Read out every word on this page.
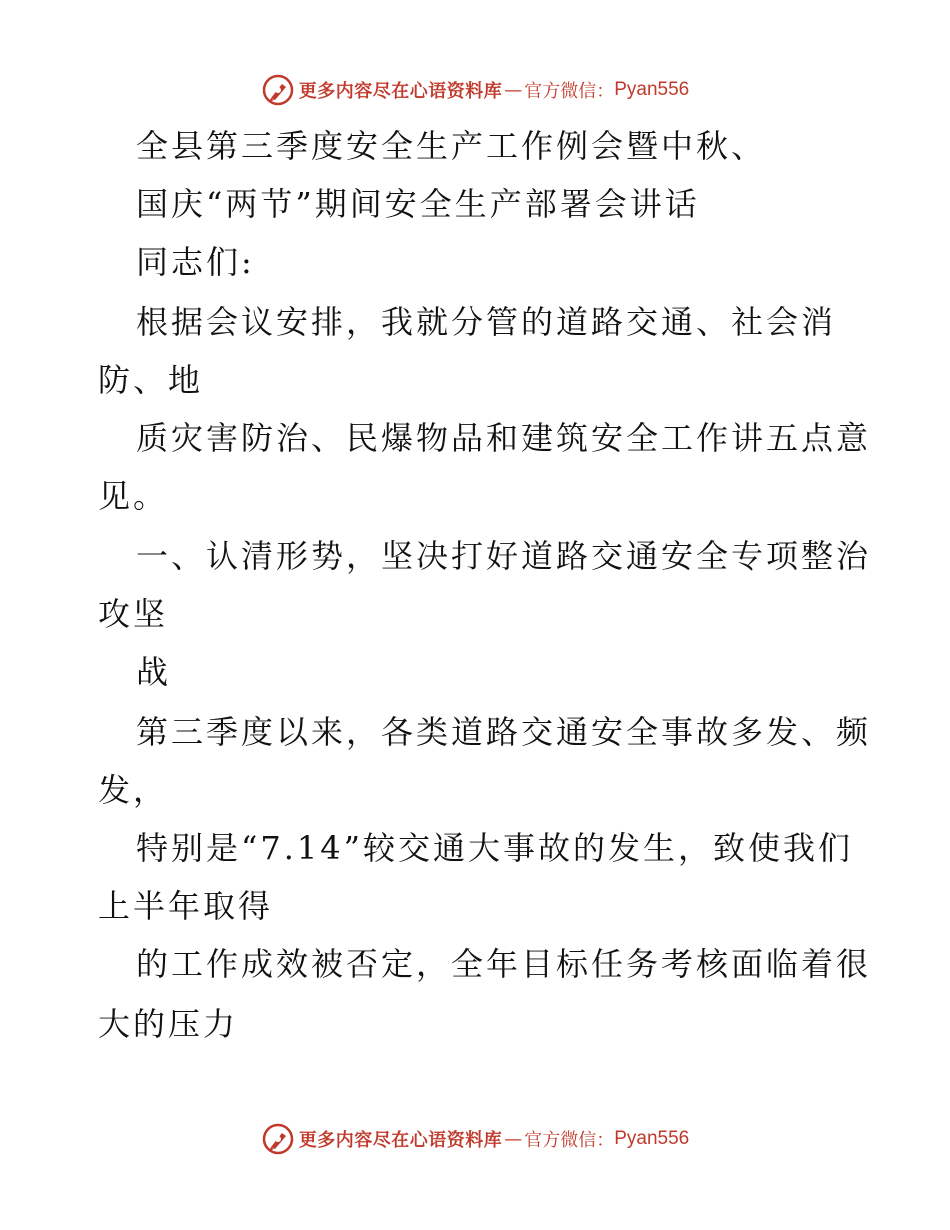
更多内容尽在心语资料库 — 官方微信： Pyan556
全县第三季度安全生产工作例会暨中秋、
国庆“两节”期间安全生产部署会讲话
同志们:
根据会议安排，我就分管的道路交通、社会消
防、地
质灾害防治、民爆物品和建筑安全工作讲五点意
见。
一、认清形势，坚决打好道路交通安全专项整治
攻坚
战
第三季度以来，各类道路交通安全事故多发、频
发，
特别是“7.14”较交通大事故的发生，致使我们
上半年取得
的工作成效被否定，全年目标任务考核面临着很
大的压力
更多内容尽在心语资料库 — 官方微信： Pyan556
